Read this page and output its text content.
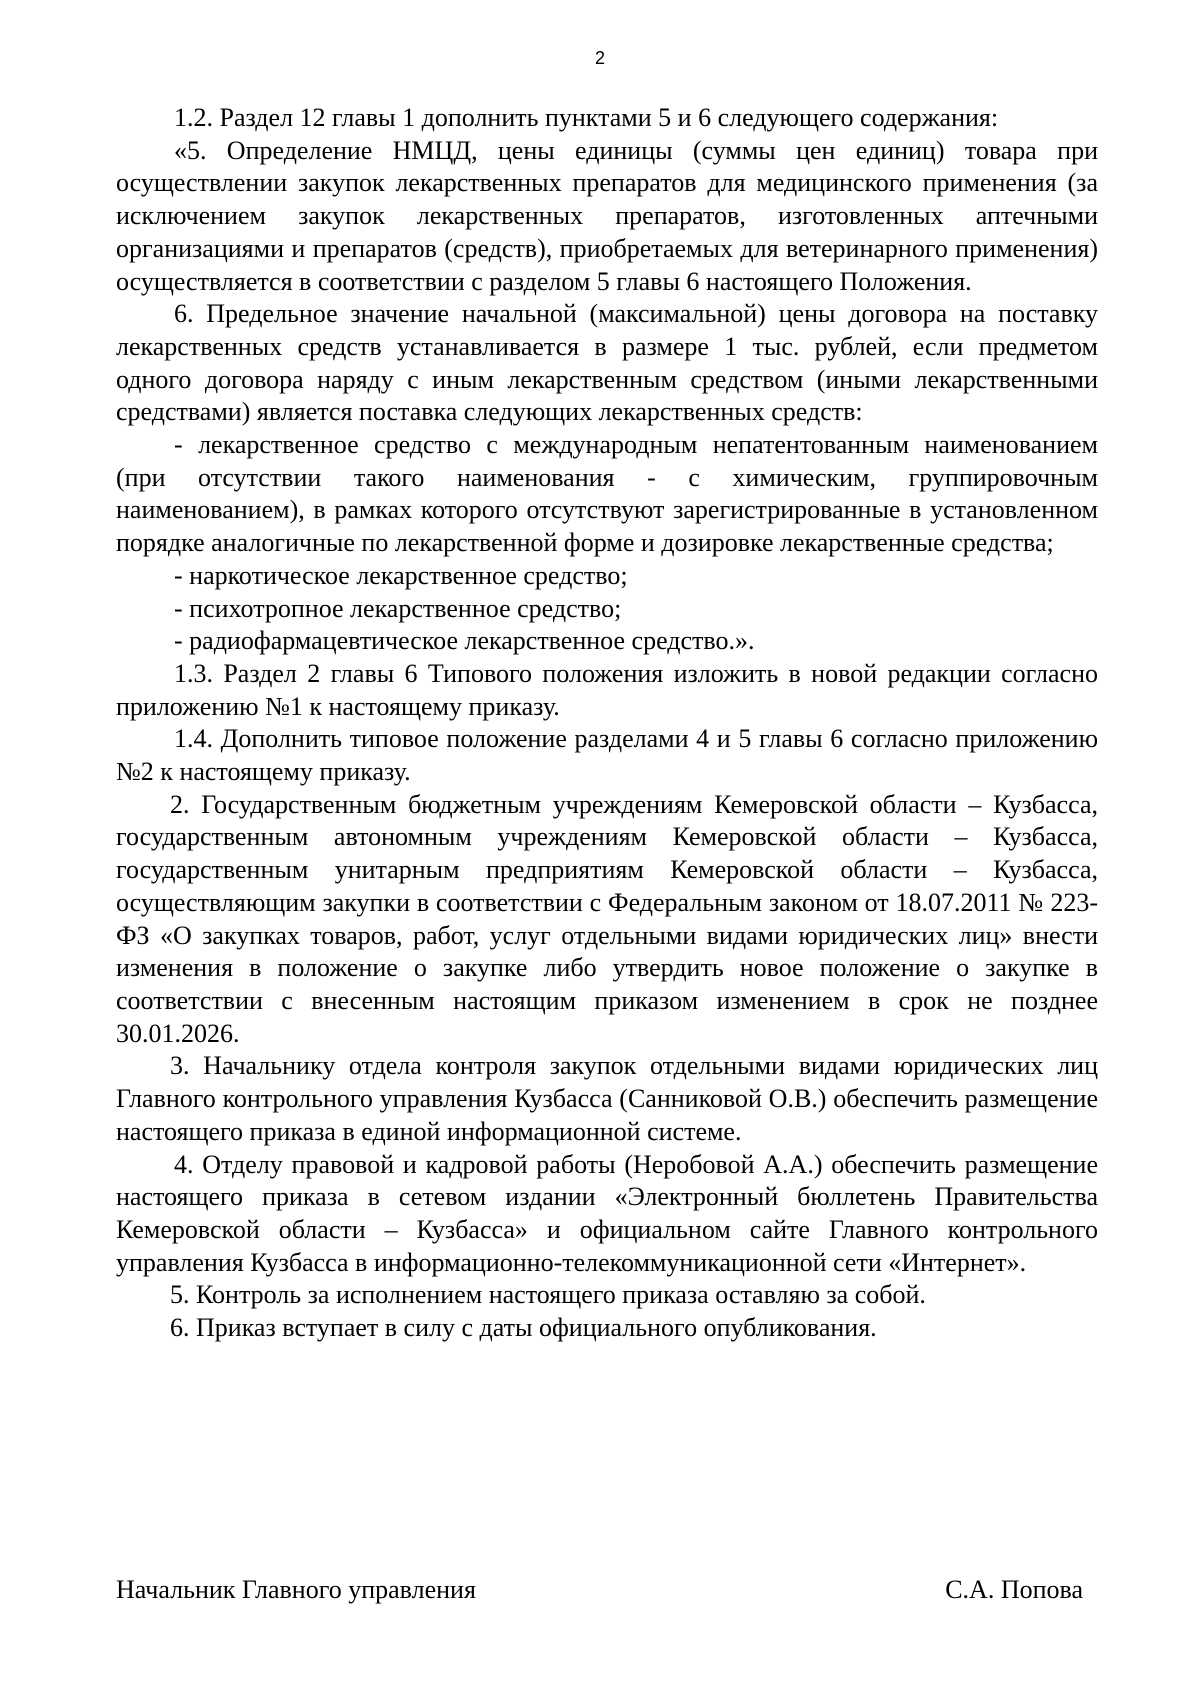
2

1.2. Раздел 12 главы 1 дополнить пунктами 5 и 6 следующего содержания:

«5. Определение НМЦД, цены единицы (суммы цен единиц) товара при осуществлении закупок лекарственных препаратов для медицинского применения (за исключением закупок лекарственных препаратов, изготовленных аптечными организациями и препаратов (средств), приобретаемых для ветеринарного применения) осуществляется в соответствии с разделом 5 главы 6 настоящего Положения.

6. Предельное значение начальной (максимальной) цены договора на поставку лекарственных средств устанавливается в размере 1 тыс. рублей, если предметом одного договора наряду с иным лекарственным средством (иными лекарственными средствами) является поставка следующих лекарственных средств:

- лекарственное средство с международным непатентованным наименованием (при отсутствии такого наименования - с химическим, группировочным наименованием), в рамках которого отсутствуют зарегистрированные в установленном порядке аналогичные по лекарственной форме и дозировке лекарственные средства;

- наркотическое лекарственное средство;

- психотропное лекарственное средство;

- радиофармацевтическое лекарственное средство.».

1.3. Раздел 2 главы 6 Типового положения изложить в новой редакции согласно приложению №1 к настоящему приказу.

1.4. Дополнить типовое положение разделами 4 и 5 главы 6 согласно приложению №2 к настоящему приказу.

2. Государственным бюджетным учреждениям Кемеровской области – Кузбасса, государственным автономным учреждениям Кемеровской области – Кузбасса, государственным унитарным предприятиям Кемеровской области – Кузбасса, осуществляющим закупки в соответствии с Федеральным законом от 18.07.2011 № 223-ФЗ «О закупках товаров, работ, услуг отдельными видами юридических лиц» внести изменения в положение о закупке либо утвердить новое положение о закупке в соответствии с внесенным настоящим приказом изменением в срок не позднее 30.01.2026.

3. Начальнику отдела контроля закупок отдельными видами юридических лиц Главного контрольного управления Кузбасса (Санниковой О.В.) обеспечить размещение настоящего приказа в единой информационной системе.

4. Отделу правовой и кадровой работы (Неробовой А.А.) обеспечить размещение настоящего приказа в сетевом издании «Электронный бюллетень Правительства Кемеровской области – Кузбасса» и официальном сайте Главного контрольного управления Кузбасса в информационно-телекоммуникационной сети «Интернет».

5. Контроль за исполнением настоящего приказа оставляю за собой.

6. Приказ вступает в силу с даты официального опубликования.

Начальник Главного управления	С.А. Попова
